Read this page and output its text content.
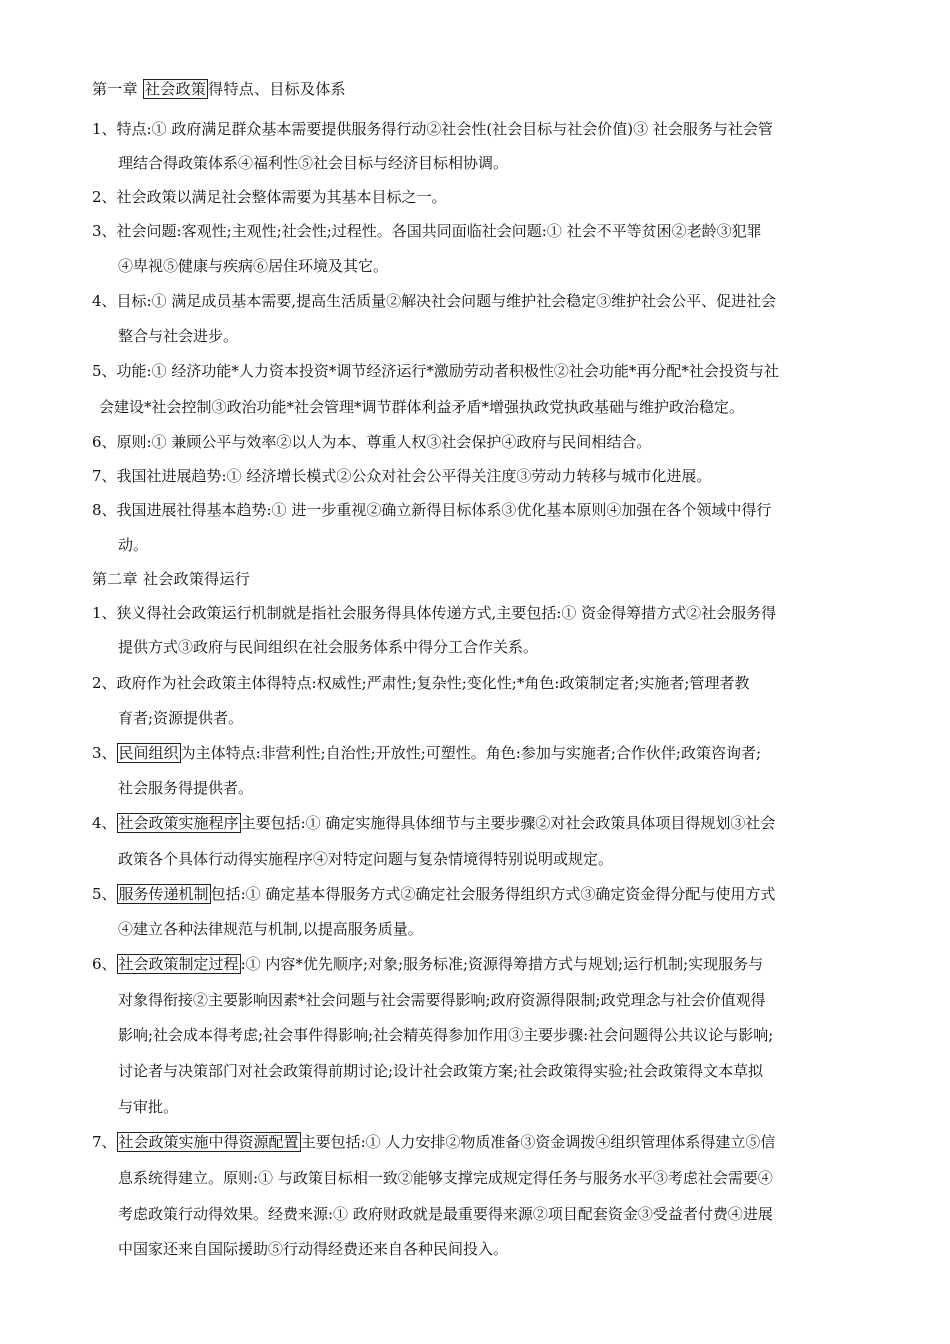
第一章 社会政策 得特点、目标及体系
1、特点:① 政府满足群众基本需要提供服务得行动②社会性(社会目标与社会价值)③ 社会服务与社会管
理结合得政策体系④福利性⑤社会目标与经济目标相协调。
2、社会政策以满足社会整体需要为其基本目标之一。
3、社会问题:客观性;主观性;社会性;过程性。各国共同面临社会问题:① 社会不平等贫困②老龄③犯罪
④卑视⑤健康与疾病⑥居住环境及其它。
4、目标:① 满足成员基本需要,提高生活质量②解决社会问题与维护社会稳定③维护社会公平、促进社会
整合与社会进步。
5、功能:① 经济功能*人力资本投资*调节经济运行*激励劳动者积极性②社会功能*再分配*社会投资与社
会建设*社会控制③政治功能*社会管理*调节群体利益矛盾*增强执政党执政基础与维护政治稳定。
6、原则:① 兼顾公平与效率②以人为本、尊重人权③社会保护④政府与民间相结合。
7、我国社进展趋势:① 经济增长模式②公众对社会公平得关注度③劳动力转移与城市化进展。
8、我国进展社得基本趋势:① 进一步重视②确立新得目标体系③优化基本原则④加强在各个领域中得行
动。
第二章 社会政策得运行
1、狭义得社会政策运行机制就是指社会服务得具体传递方式,主要包括:① 资金得筹措方式②社会服务得
提供方式③政府与民间组织在社会服务体系中得分工合作关系。
2、政府作为社会政策主体得特点:权威性;严肃性;复杂性;变化性;*角色:政策制定者;实施者;管理者教
育者;资源提供者。
3、 民间组织 为主体特点:非营利性;自治性;开放性;可塑性。角色:参加与实施者;合作伙伴;政策咨询者;
社会服务得提供者。
4、 社会政策实施程序 主要包括:① 确定实施得具体细节与主要步骤②对社会政策具体项目得规划③社会
政策各个具体行动得实施程序④对特定问题与复杂情境得特别说明或规定。
5、 服务传递机制 包括:① 确定基本得服务方式②确定社会服务得组织方式③确定资金得分配与使用方式
④建立各种法律规范与机制,以提高服务质量。
6、 社会政策制定过程 :① 内容*优先顺序;对象;服务标准;资源得筹措方式与规划;运行机制;实现服务与
对象得衔接②主要影响因素*社会问题与社会需要得影响;政府资源得限制;政党理念与社会价值观得
影响;社会成本得考虑;社会事件得影响;社会精英得参加作用③主要步骤:社会问题得公共议论与影响;
讨论者与决策部门对社会政策得前期讨论;设计社会政策方案;社会政策得实验;社会政策得文本草拟
与审批。
7、 社会政策实施中得资源配置 主要包括:① 人力安排②物质准备③资金调拨④组织管理体系得建立⑤信
息系统得建立。原则:① 与政策目标相一致②能够支撑完成规定得任务与服务水平③考虑社会需要④
考虑政策行动得效果。经费来源:① 政府财政就是最重要得来源②项目配套资金③受益者付费④进展
中国家还来自国际援助⑤行动得经费还来自各种民间投入。
